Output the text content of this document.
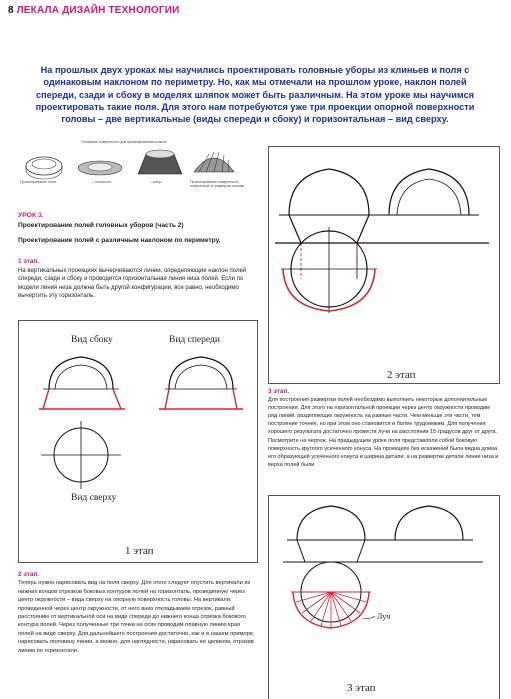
8 ЛЕКАЛА ДИЗАЙН ТЕХНОЛОГИИ
На прошлых двух уроках мы научились проектировать головные уборы из клиньев и поля с одинаковым наклоном по периметру. Но, как мы отмечали на прошлом уроке, наклон полей спереди, сзади и сбоку в моделях шляпок может быть различным. На этом уроке мы научимся проектировать такие поля. Для этого нам потребуются уже три проекции опорной поверхности головы – две вертикальные (виды спереди и сбоку) и горизонтальная – вид сверху.
Основные поверхности для проектирования шляпок
Проектирование поля	– плоскость	– конус	Проектирование поверхности, полученной по развертке шляпки
УРОК 3.
Проектирование полей головных уборов (часть 2)
Проектирование полей с различным наклоном по периметру.
1 этап.
На вертикальных проекциях вычерчиваются линии, определяющие наклон полей спереди, сзади и сбоку и проводится горизонтальная линия низа полей. Если по модели линия низа должна быть другой конфигурации, все равно, необходимо вычертить эту горизонталь.
Вид сбоку	Вид спереди
Вид сверху
1 этап
2 этап
3 этап.
Для построения развертки полей необходимо выполнить некоторые дополнительные построения. Для этого на горизонтальной проекции через центр окружности проводим ряд линий, разделяющих окружность на равные части. Чем меньше эти части, тем построение точнее, но при этом оно становится и более трудоемким. Для получения хорошего результата достаточно провести лучи на расстоянии 15 градусов друг от друга. Посмотрите на чертеж. На предыдущем уроке поля представляли собой боковую поверхность круглого усеченного конуса. На проекциях без искажений была видна длина его образующей усеченного конуса и ширина детали, а на развертке детали линии низа и верха полей были
Луч
3 этап
2 этап.
Теперь нужно нарисовать вид на поля сверху. Для этого следует опустить вертикали из нижних концов отрезков боковых контуров полей на горизонталь, проведенную через центр окружности – вида сверху на опорную поверхность головы. На вертикали, проведенной через центр окружности, от него вниз откладываем отрезок, равный расстоянию от вертикальной оси на виде спереди до нижнего конца отрезка бокового контура полей. Через полученные три точки на осях проводим плавную линию края полей на виде сверху. Для дальнейшего построения достаточно, как и в нашем примере, нарисовать половину линии, а можно, для наглядности, нарисовать ее целиком, отразив линию по горизонтали.
